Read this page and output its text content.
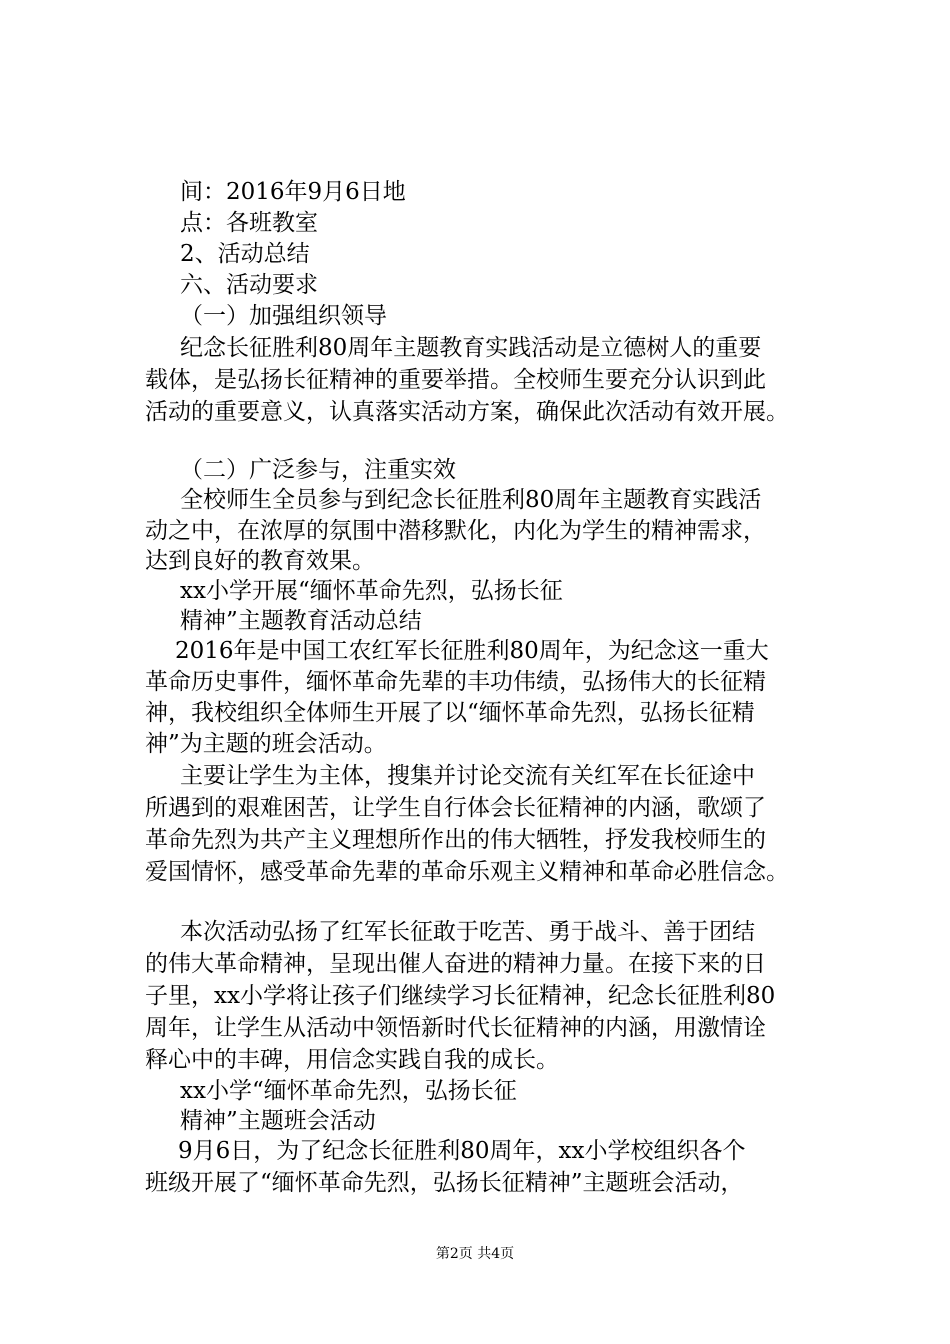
间：2016年9月6日地
点：各班教室
2、活动总结
六、活动要求
（一）加强组织领导
纪念长征胜利80周年主题教育实践活动是立德树人的重要
载体，是弘扬长征精神的重要举措。全校师生要充分认识到此
活动的重要意义，认真落实活动方案，确保此次活动有效开展。
（二）广泛参与，注重实效
全校师生全员参与到纪念长征胜利80周年主题教育实践活
动之中，在浓厚的氛围中潜移默化，内化为学生的精神需求，
达到良好的教育效果。
xx小学开展“缅怀革命先烈，弘扬长征
精神”主题教育活动总结
2016年是中国工农红军长征胜利80周年，为纪念这一重大
革命历史事件，缅怀革命先辈的丰功伟绩，弘扬伟大的长征精
神，我校组织全体师生开展了以“缅怀革命先烈，弘扬长征精
神”为主题的班会活动。
主要让学生为主体，搜集并讨论交流有关红军在长征途中
所遇到的艰难困苦，让学生自行体会长征精神的内涵，歌颂了
革命先烈为共产主义理想所作出的伟大牺牲，抒发我校师生的
爱国情怀，感受革命先辈的革命乐观主义精神和革命必胜信念。
本次活动弘扬了红军长征敢于吃苦、勇于战斗、善于团结
的伟大革命精神，呈现出催人奋进的精神力量。在接下来的日
子里，xx小学将让孩子们继续学习长征精神，纪念长征胜利80
周年，让学生从活动中领悟新时代长征精神的内涵，用激情诠
释心中的丰碑，用信念实践自我的成长。
xx小学“缅怀革命先烈，弘扬长征
精神”主题班会活动
9月6日，为了纪念长征胜利80周年，xx小学校组织各个
班级开展了“缅怀革命先烈，弘扬长征精神”主题班会活动，
第2页 共4页
